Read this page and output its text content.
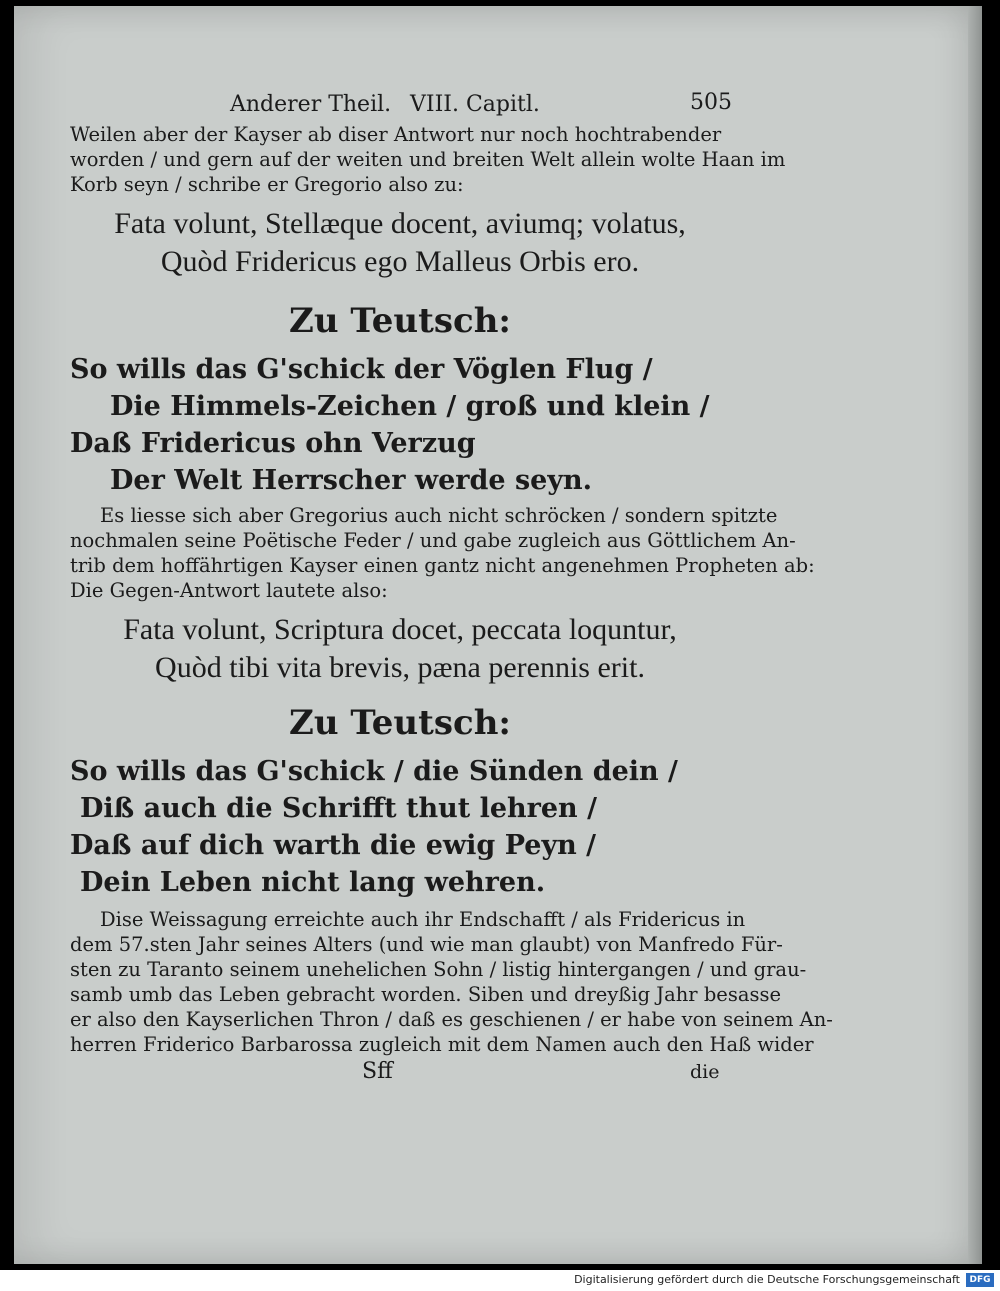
Anderer Theil. VIII. Capitl.	505
Weilen aber der Kayser ab diser Antwort nur noch hochtrabender
worden / und gern auf der weiten und breiten Welt allein wolte Haan im
Korb seyn / schribe er Gregorio also zu:
Fata volunt, Stellæque docent, aviumq; volatus,
Quòd Fridericus ego Malleus Orbis ero.
Zu Teutsch:
So wills das G'schick der Vöglen Flug /
Die Himmels-Zeichen / groß und klein /
Daß Fridericus ohn Verzug
Der Welt Herrscher werde seyn.
Es liesse sich aber Gregorius auch nicht schröcken / sondern spitzte
nochmalen seine Poëtische Feder / und gabe zugleich aus Göttlichem An-
trib dem hoffährtigen Kayser einen gantz nicht angenehmen Propheten ab:
Die Gegen-Antwort lautete also:
Fata volunt, Scriptura docet, peccata loquntur,
Quòd tibi vita brevis, pæna perennis erit.
Zu Teutsch:
So wills das G'schick / die Sünden dein /
Diß auch die Schrifft thut lehren /
Daß auf dich warth die ewig Peyn /
Dein Leben nicht lang wehren.
Dise Weissagung erreichte auch ihr Endschafft / als Fridericus in
dem 57.sten Jahr seines Alters (und wie man glaubt) von Manfredo Für-
sten zu Taranto seinem unehelichen Sohn / listig hintergangen / und grau-
samb umb das Leben gebracht worden. Siben und dreyßig Jahr besasse
er also den Kayserlichen Thron / daß es geschienen / er habe von seinem An-
herren Friderico Barbarossa zugleich mit dem Namen auch den Haß wider
Sff	die
Digitalisierung gefördert durch die Deutsche Forschungsgemeinschaft	DFG
